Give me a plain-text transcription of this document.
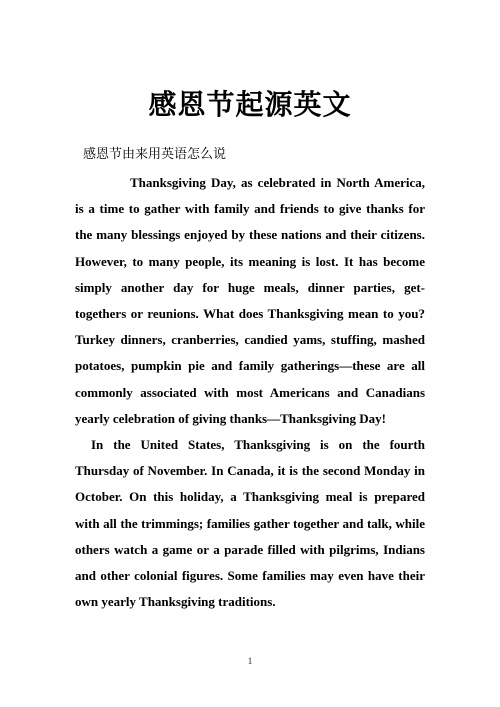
感恩节起源英文
感恩节由来用英语怎么说

Thanksgiving Day, as celebrated in North America, is a time to gather with family and friends to give thanks for the many blessings enjoyed by these nations and their citizens. However, to many people, its meaning is lost. It has become simply another day for huge meals, dinner parties, get-togethers or reunions. What does Thanksgiving mean to you?Turkey dinners, cranberries, candied yams, stuffing, mashed potatoes, pumpkin pie and family gatherings—these are all commonly associated with most Americans and Canadians yearly celebration of giving thanks—Thanksgiving Day!

In the United States, Thanksgiving is on the fourth Thursday of November. In Canada, it is the second Monday in October. On this holiday, a Thanksgiving meal is prepared with all the trimmings; families gather together and talk, while others watch a game or a parade filled with pilgrims, Indians and other colonial figures. Some families may even have their own yearly Thanksgiving traditions.

1
